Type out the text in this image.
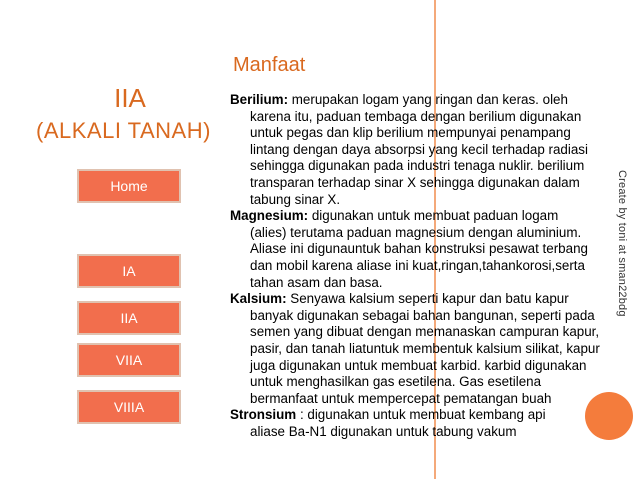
Create by toni at sman22bdg
IIA
(ALKALI TANAH)
Home
IA
IIA
VIIA
VIIIA
Manfaat

Berilium: merupakan logam yang ringan dan keras. oleh
karena itu, paduan tembaga dengan berilium digunakan untuk pegas dan klip berilium mempunyai penampang lintang dengan daya absorpsi yang kecil terhadap radiasi sehingga digunakan pada industri tenaga nuklir. berilium transparan terhadap sinar X sehingga digunakan dalam tabung sinar X.

Magnesium: digunakan untuk membuat paduan logam
(alies) terutama paduan magnesium dengan aluminium. Aliase ini digunauntuk bahan konstruksi pesawat terbang dan mobil karena aliase ini kuat,ringan,tahankorosi,serta tahan asam dan basa.

Kalsium: Senyawa kalsium seperti kapur dan batu kapur
banyak digunakan sebagai bahan bangunan, seperti pada semen yang dibuat dengan memanaskan campuran kapur, pasir, dan tanah liatuntuk membentuk kalsium silikat, kapur juga digunakan untuk membuat karbid. karbid digunakan untuk menghasilkan gas esetilena. Gas esetilena bermanfaat untuk mempercepat pematangan buah

Stronsium : digunakan untuk membuat kembang api
aliase Ba-N1 digunakan untuk tabung vakum
